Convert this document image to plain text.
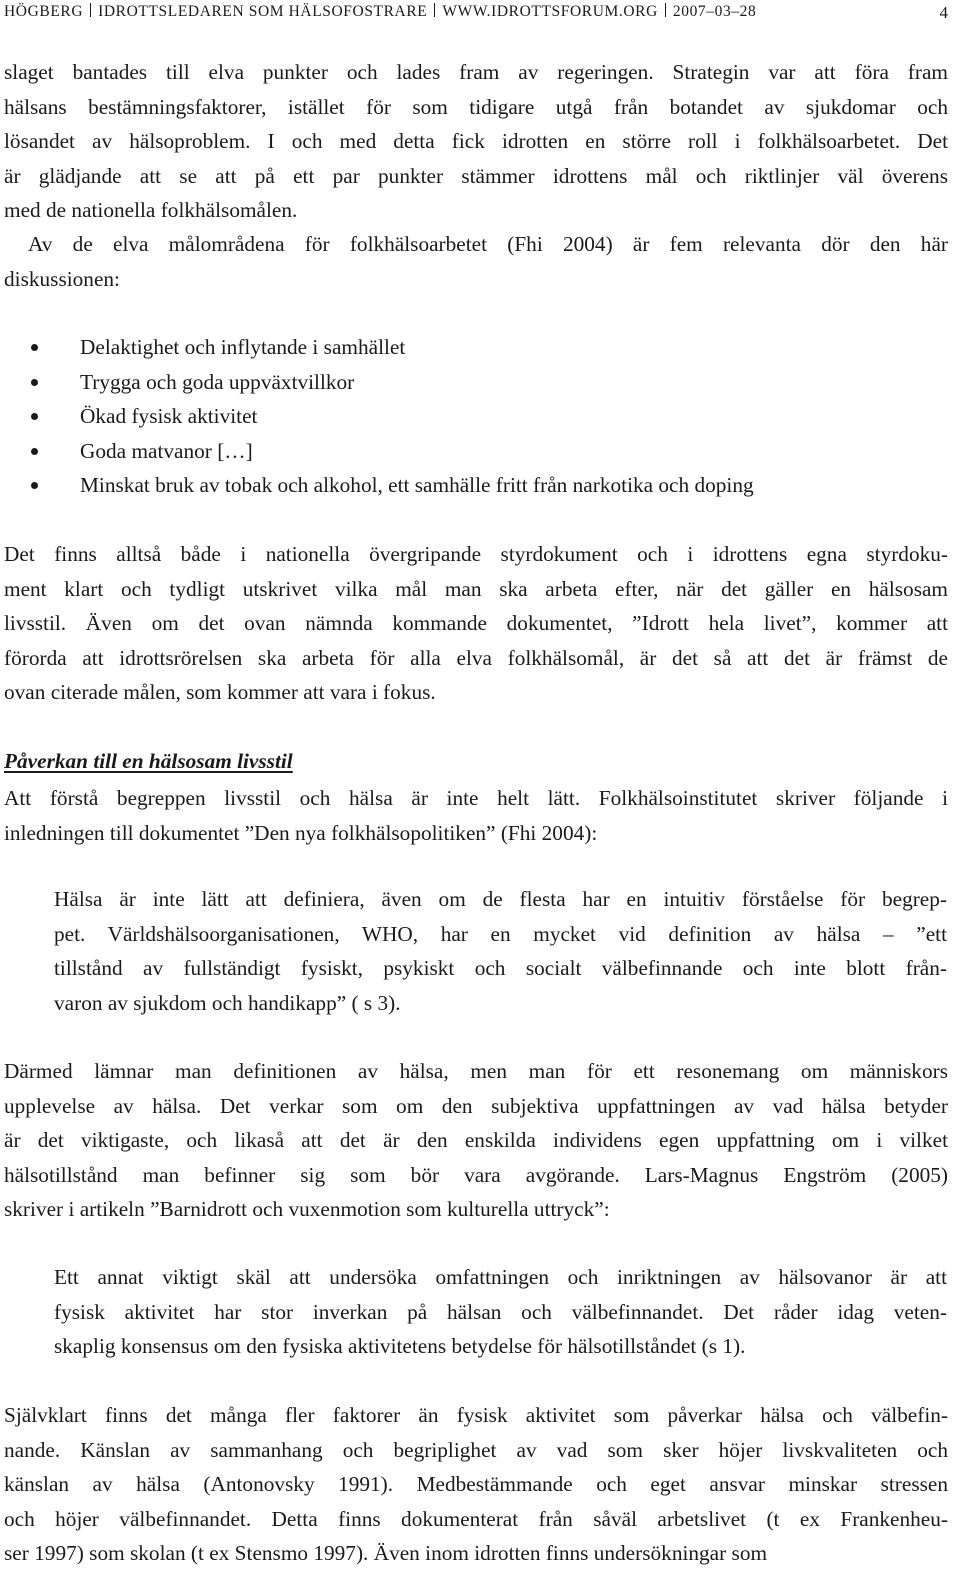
HÖGBERG IDROTTSLEDAREN SOM HÄLSOFOSTRARE WWW.IDROTTSFORUM.ORG 2007–03–28	4

slaget bantades till elva punkter och lades fram av regeringen. Strategin var att föra fram
hälsans bestämningsfaktorer, istället för som tidigare utgå från botandet av sjukdomar och
lösandet av hälsoproblem. I och med detta fick idrotten en större roll i folkhälsoarbetet. Det
är glädjande att se att på ett par punkter stämmer idrottens mål och riktlinjer väl överens
med de nationella folkhälsomålen.

Av de elva målområdena för folkhälsoarbetet (Fhi 2004) är fem relevanta dör den här
diskussionen:

Delaktighet och inflytande i samhället
Trygga och goda uppväxtvillkor
Ökad fysisk aktivitet
Goda matvanor […]
Minskat bruk av tobak och alkohol, ett samhälle fritt från narkotika och doping

Det finns alltså både i nationella övergripande styrdokument och i idrottens egna styrdoku-
ment klart och tydligt utskrivet vilka mål man ska arbeta efter, när det gäller en hälsosam
livsstil. Även om det ovan nämnda kommande dokumentet, ”Idrott hela livet”, kommer att
förorda att idrottsrörelsen ska arbeta för alla elva folkhälsomål, är det så att det är främst de
ovan citerade målen, som kommer att vara i fokus.

Påverkan till en hälsosam livsstil

Att förstå begreppen livsstil och hälsa är inte helt lätt. Folkhälsoinstitutet skriver följande i
inledningen till dokumentet ”Den nya folkhälsopolitiken” (Fhi 2004):

Hälsa är inte lätt att definiera, även om de flesta har en intuitiv förståelse för begrep-
pet. Världshälsoorganisationen, WHO, har en mycket vid definition av hälsa – ”ett
tillstånd av fullständigt fysiskt, psykiskt och socialt välbefinnande och inte blott från-
varon av sjukdom och handikapp” ( s 3).

Därmed lämnar man definitionen av hälsa, men man för ett resonemang om människors
upplevelse av hälsa. Det verkar som om den subjektiva uppfattningen av vad hälsa betyder
är det viktigaste, och likaså att det är den enskilda individens egen uppfattning om i vilket
hälsotillstånd man befinner sig som bör vara avgörande. Lars-Magnus Engström (2005)
skriver i artikeln ”Barnidrott och vuxenmotion som kulturella uttryck”:

Ett annat viktigt skäl att undersöka omfattningen och inriktningen av hälsovanor är att
fysisk aktivitet har stor inverkan på hälsan och välbefinnandet. Det råder idag veten-
skaplig konsensus om den fysiska aktivitetens betydelse för hälsotillståndet (s 1).

Självklart finns det många fler faktorer än fysisk aktivitet som påverkar hälsa och välbefin-
nande. Känslan av sammanhang och begriplighet av vad som sker höjer livskvaliteten och
känslan av hälsa (Antonovsky 1991). Medbestämmande och eget ansvar minskar stressen
och höjer välbefinnandet. Detta finns dokumenterat från såväl arbetslivet (t ex Frankenheu-
ser 1997) som skolan (t ex Stensmo 1997). Även inom idrotten finns undersökningar som
